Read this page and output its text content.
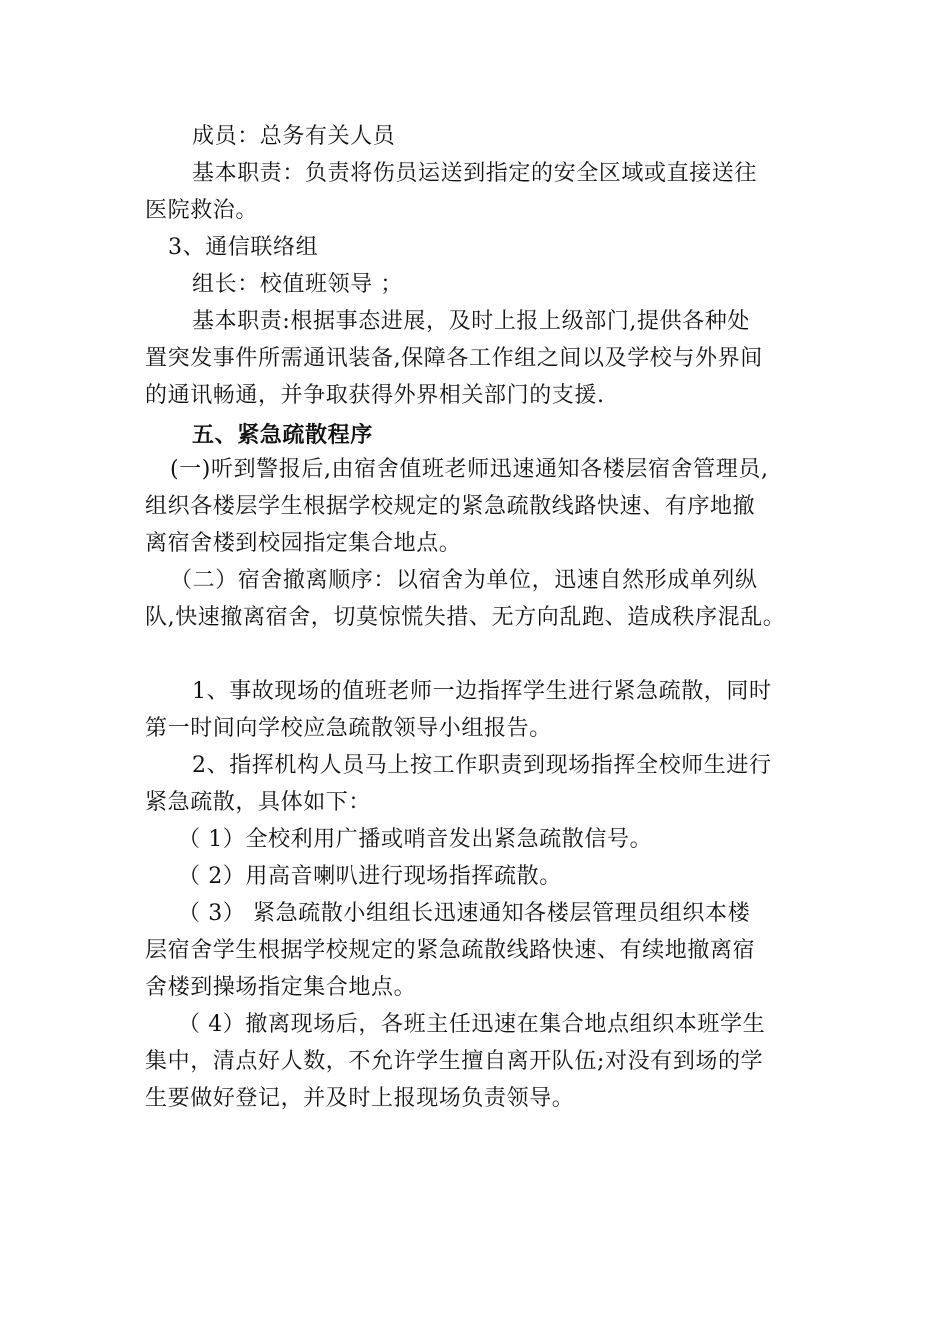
成员：总务有关人员
基本职责：负责将伤员运送到指定的安全区域或直接送往
医院救治。
3、通信联络组
组长：校值班领导 ；
基本职责:根据事态进展，及时上报上级部门,提供各种处
置突发事件所需通讯装备,保障各工作组之间以及学校与外界间
的通讯畅通，并争取获得外界相关部门的支援.
五、紧急疏散程序
(一)听到警报后,由宿舍值班老师迅速通知各楼层宿舍管理员,
组织各楼层学生根据学校规定的紧急疏散线路快速、有序地撤
离宿舍楼到校园指定集合地点。
（二）宿舍撤离顺序：以宿舍为单位，迅速自然形成单列纵
队,快速撤离宿舍，切莫惊慌失措、无方向乱跑、造成秩序混乱。
1、事故现场的值班老师一边指挥学生进行紧急疏散，同时
第一时间向学校应急疏散领导小组报告。
2、指挥机构人员马上按工作职责到现场指挥全校师生进行
紧急疏散，具体如下：
（ 1）全校利用广播或哨音发出紧急疏散信号。
（ 2）用高音喇叭进行现场指挥疏散。
（ 3） 紧急疏散小组组长迅速通知各楼层管理员组织本楼
层宿舍学生根据学校规定的紧急疏散线路快速、有续地撤离宿
舍楼到操场指定集合地点。
（ 4）撤离现场后，各班主任迅速在集合地点组织本班学生
集中，清点好人数，不允许学生擅自离开队伍;对没有到场的学
生要做好登记，并及时上报现场负责领导。
